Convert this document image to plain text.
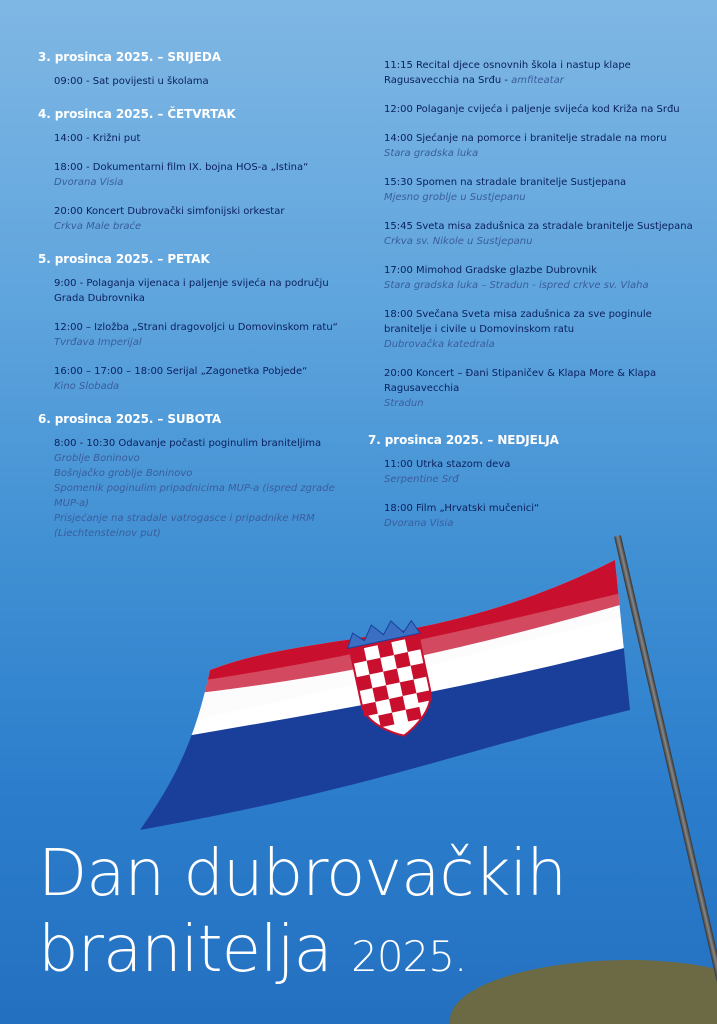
3. prosinca 2025. – SRIJEDA
09:00 - Sat povijesti u školama
4. prosinca 2025. – ČETVRTAK
14:00 - Križni put
18:00 - Dokumentarni film IX. bojna HOS-a „Istina“
Dvorana Visia
20:00 Koncert Dubrovački simfonijski orkestar
Crkva Male braće
5. prosinca 2025. – PETAK
9:00 - Polaganja vijenaca i paljenje svijeća na području Grada Dubrovnika
12:00 – Izložba „Strani dragovoljci u Domovinskom ratu“
Tvrđava Imperijal
16:00 – 17:00 – 18:00 Serijal „Zagonetka Pobjede“
Kino Slobada
6. prosinca 2025. – SUBOTA
8:00 - 10:30 Odavanje počasti poginulim braniteljima
Groblje Boninovo
Bošnjačko groblje Boninovo
Spomenik poginulim pripadnicima MUP-a (ispred zgrade MUP-a)
Prisjećanje na stradale vatrogasce i pripadnike HRM (Liechtensteinov put)
11:15 Recital djece osnovnih škola i nastup klape Ragusavecchia na Srđu - amfiteatar
12:00 Polaganje cvijeća i paljenje svijeća kod Križa na Srđu
14:00 Sjećanje na pomorce i branitelje stradale na moru
Stara gradska luka
15:30 Spomen na stradale branitelje Sustjepana
Mjesno groblje u Sustjepanu
15:45 Sveta misa zadušnica za stradale branitelje Sustjepana
Crkva sv. Nikole u Sustjepanu
17:00 Mimohod Gradske glazbe Dubrovnik
Stara gradska luka – Stradun - ispred crkve sv. Vlaha
18:00 Svečana Sveta misa zadušnica za sve poginule branitelje i civile u Domovinskom ratu
Dubrovačka katedrala
20:00 Koncert – Đani Stipaničev & Klapa More & Klapa Ragusavecchia
Stradun
7. prosinca 2025. – NEDJELJA
11:00 Utrka stazom deva
Serpentine Srđ
18:00 Film „Hrvatski mučenici“
Dvorana Visia
Dan dubrovačkih
branitelja 2025.
